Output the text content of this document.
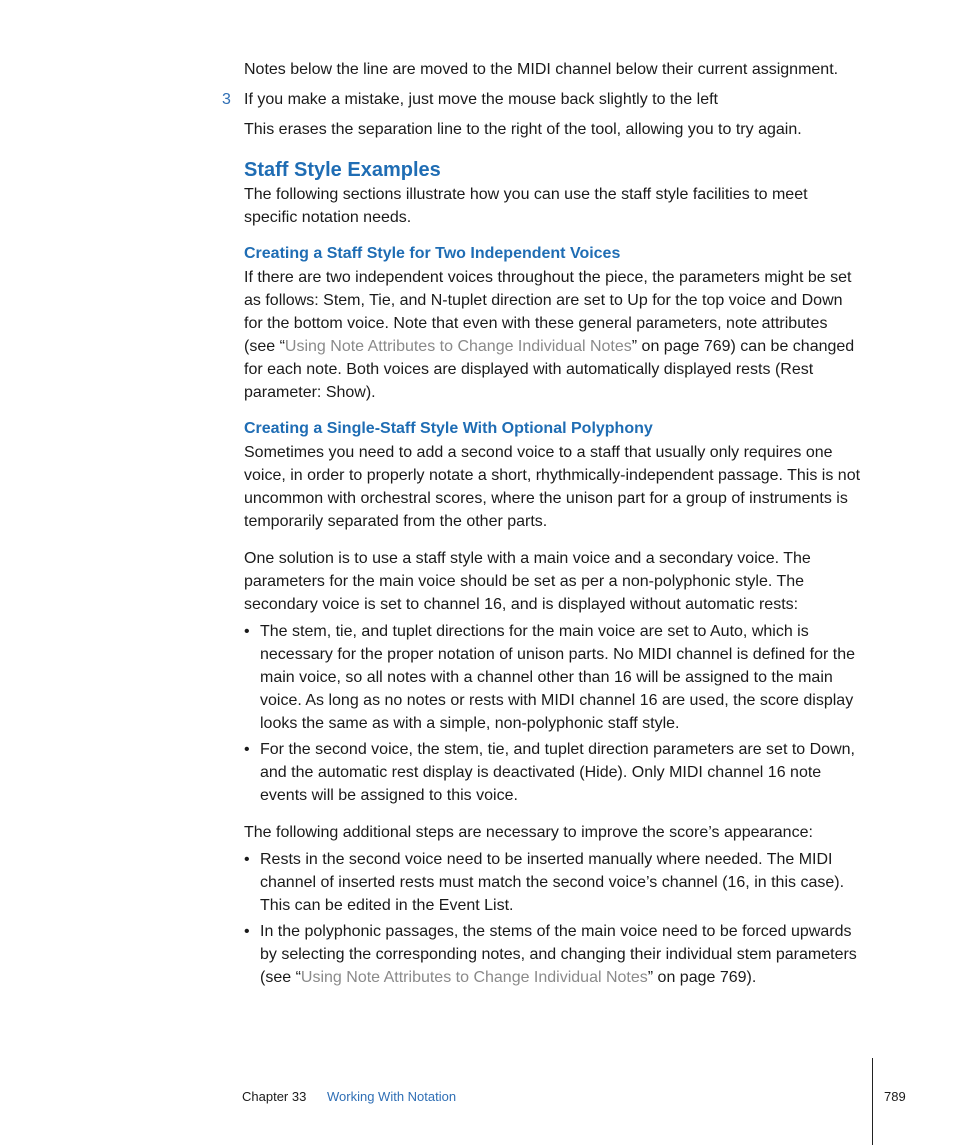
Notes below the line are moved to the MIDI channel below their current assignment.

3 If you make a mistake, just move the mouse back slightly to the left

This erases the separation line to the right of the tool, allowing you to try again.

Staff Style Examples

The following sections illustrate how you can use the staff style facilities to meet

specific notation needs.

Creating a Staff Style for Two Independent Voices

If there are two independent voices throughout the piece, the parameters might be set

as follows: Stem, Tie, and N-tuplet direction are set to Up for the top voice and Down

for the bottom voice. Note that even with these general parameters, note attributes

(see “Using Note Attributes to Change Individual Notes” on page 769) can be changed

for each note. Both voices are displayed with automatically displayed rests (Rest

parameter: Show).

Creating a Single-Staff Style With Optional Polyphony

Sometimes you need to add a second voice to a staff that usually only requires one

voice, in order to properly notate a short, rhythmically-independent passage. This is not

uncommon with orchestral scores, where the unison part for a group of instruments is

temporarily separated from the other parts.

One solution is to use a staff style with a main voice and a secondary voice. The

parameters for the main voice should be set as per a non-polyphonic style. The

secondary voice is set to channel 16, and is displayed without automatic rests:

• The stem, tie, and tuplet directions for the main voice are set to Auto, which is

necessary for the proper notation of unison parts. No MIDI channel is defined for the

main voice, so all notes with a channel other than 16 will be assigned to the main

voice. As long as no notes or rests with MIDI channel 16 are used, the score display

looks the same as with a simple, non-polyphonic staff style.

• For the second voice, the stem, tie, and tuplet direction parameters are set to Down,

and the automatic rest display is deactivated (Hide). Only MIDI channel 16 note

events will be assigned to this voice.

The following additional steps are necessary to improve the score’s appearance:

• Rests in the second voice need to be inserted manually where needed. The MIDI

channel of inserted rests must match the second voice’s channel (16, in this case).

This can be edited in the Event List.

• In the polyphonic passages, the stems of the main voice need to be forced upwards

by selecting the corresponding notes, and changing their individual stem parameters

(see “Using Note Attributes to Change Individual Notes” on page 769).

Chapter 33 Working With Notation	789
